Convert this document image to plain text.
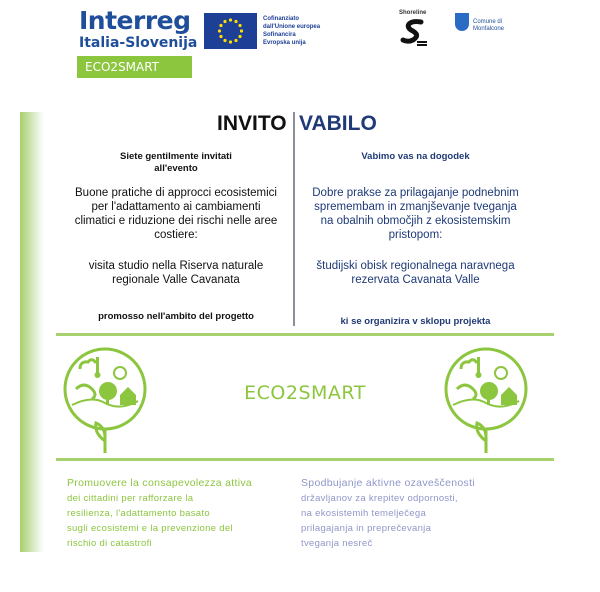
Interreg
Italia-Slovenija
ECO2SMART
Cofinanziato
dall'Unione europea
Sofinancira
Evropska unija
Shoreline
Comune di
Monfalcone
INVITO VABILO
Siete gentilmente invitati
all'evento
Buone pratiche di approcci ecosistemici
per l'adattamento ai cambiamenti
climatici e riduzione dei rischi nelle aree
costiere:
visita studio nella Riserva naturale
regionale Valle Cavanata
promosso nell'ambito del progetto
Vabimo vas na dogodek
Dobre prakse za prilagajanje podnebnim
spremembam in zmanjševanje tveganja
na obalnih območjih z ekosistemskim
pristopom:
študijski obisk regionalnega naravnega
rezervata Cavanata Valle
ki se organizira v sklopu projekta
ECO2SMART
Promuovere la consapevolezza attiva
dei cittadini per rafforzare la
resilienza, l'adattamento basato
sugli ecosistemi e la prevenzione del
rischio di catastrofi
Spodbujanje aktivne ozaveščenosti
državljanov za krepitev odpornosti,
na ekosistemih temelječega
prilagajanja in preprečevanja
tveganja nesreč
